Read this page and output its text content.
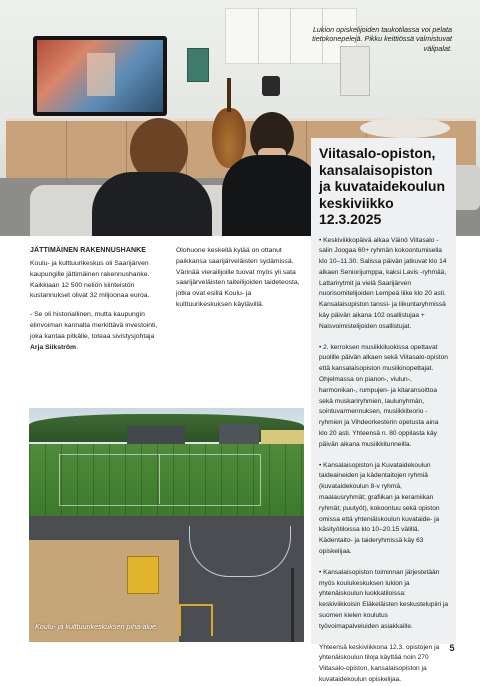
Lukion opiskelijoiden taukotilassa voi pelata tietokonepelejä. Pikku keittiössä valmistuvat välipalat.

Viitasalo-opiston, kansalaisopiston ja kuvataidekoulun keskiviikko 12.3.2025

• Keskiviikkopäivä alkaa Väinö Viitasalo -salin Joogaa 60+ ryhmän kokoontumisella klo 10–11.30. Salissa päivän jatkuvat klo 14 alkaen Seniorijumppa, kaksi Lavis -ryhmää, Lattarirytmit ja vielä Saarijärven nuorisomitelijoiden Lempeä liike klo 20 asti. Kansalaisopiston tanssi- ja liikuntaryhmissä käy päivän aikana 102 osallistujaa + Naisvoimistelijoiden osallistujat.

• 2. kerroksen musiikkiluokissa opettavat puolille päivän alkaen sekä Viitasalo-opiston että kansalaisopiston musiikinopettajat. Ohjelmassa on pianon-, viulun-, harmonikan-, rumpujen- ja kitaransoittoa sekä muskariryhmien, laulunyhmän, sointuvarmennuksen, musiikkiteorio -ryhmien ja Vihdeorkesterin opetusta aina klo 20 asti. Yhteensä n. 80 oppilasta käy päivän aikana musiikkitunneilla.

• Kansalaisopiston ja Kuvataidekoulun taideaineiden ja kädentaitojen ryhmiä (kuvataidekoulun 8-v ryhmä, maalausryhmät; grafiikan ja keramiikan ryhmät; puutyöt), kokoontuu sekä opiston omissa että yhteniäiskoulun kuvataide- ja käsityötiloissa klo 10–20.15 välillä. Kädentaito- ja taideryhmissä käy 63 opiskelijaa.

• Kansalaisopiston toiminnan järjestetään myös koulukeskuksen lukion ja yhtenäiskoulun luokkatiloissa: keskiviikkoisin Eläkeläisten keskustelupiiri ja suomen kielen koulutus työvoimapalveluiden asiakkaille.

Yhteensä keskiviikkona 12.3. opistojen ja yhtenäiskoulun tiloja käyttää noin 270 Viitasalo-opiston, kansalaisopiston ja kuvataidekoulun opiskelijaa.

JÄTTIMÄINEN RAKENNUSHANKE

Koulu- ja kulttuurikeskus oli Saarijärven kaupungille jättimäinen rakennushanke. Kaikkiaan 12 500 neliön kiinteistön kustannukset olivat 32 miljoonaa euroa.

- Se oli historiallinen, mutta kaupungin elinvoiman kannalta merkittävä investointi, joka kantaa pitkälle, toteaa sivistysjohtaja Arja Siikström.

Olohuone keskellä kylää on ottanut paikkansa saarijärveläisten sydämissä. Värinää vierailijoille tuovat myös yli sata saarijärveläisten taiteilijoiden taideteosta, jotka ovat esillä Koulu- ja kulttuurikeskuksen käytävillä.

Koulu- ja kulttuurikeskuksen piha-alue.

5
